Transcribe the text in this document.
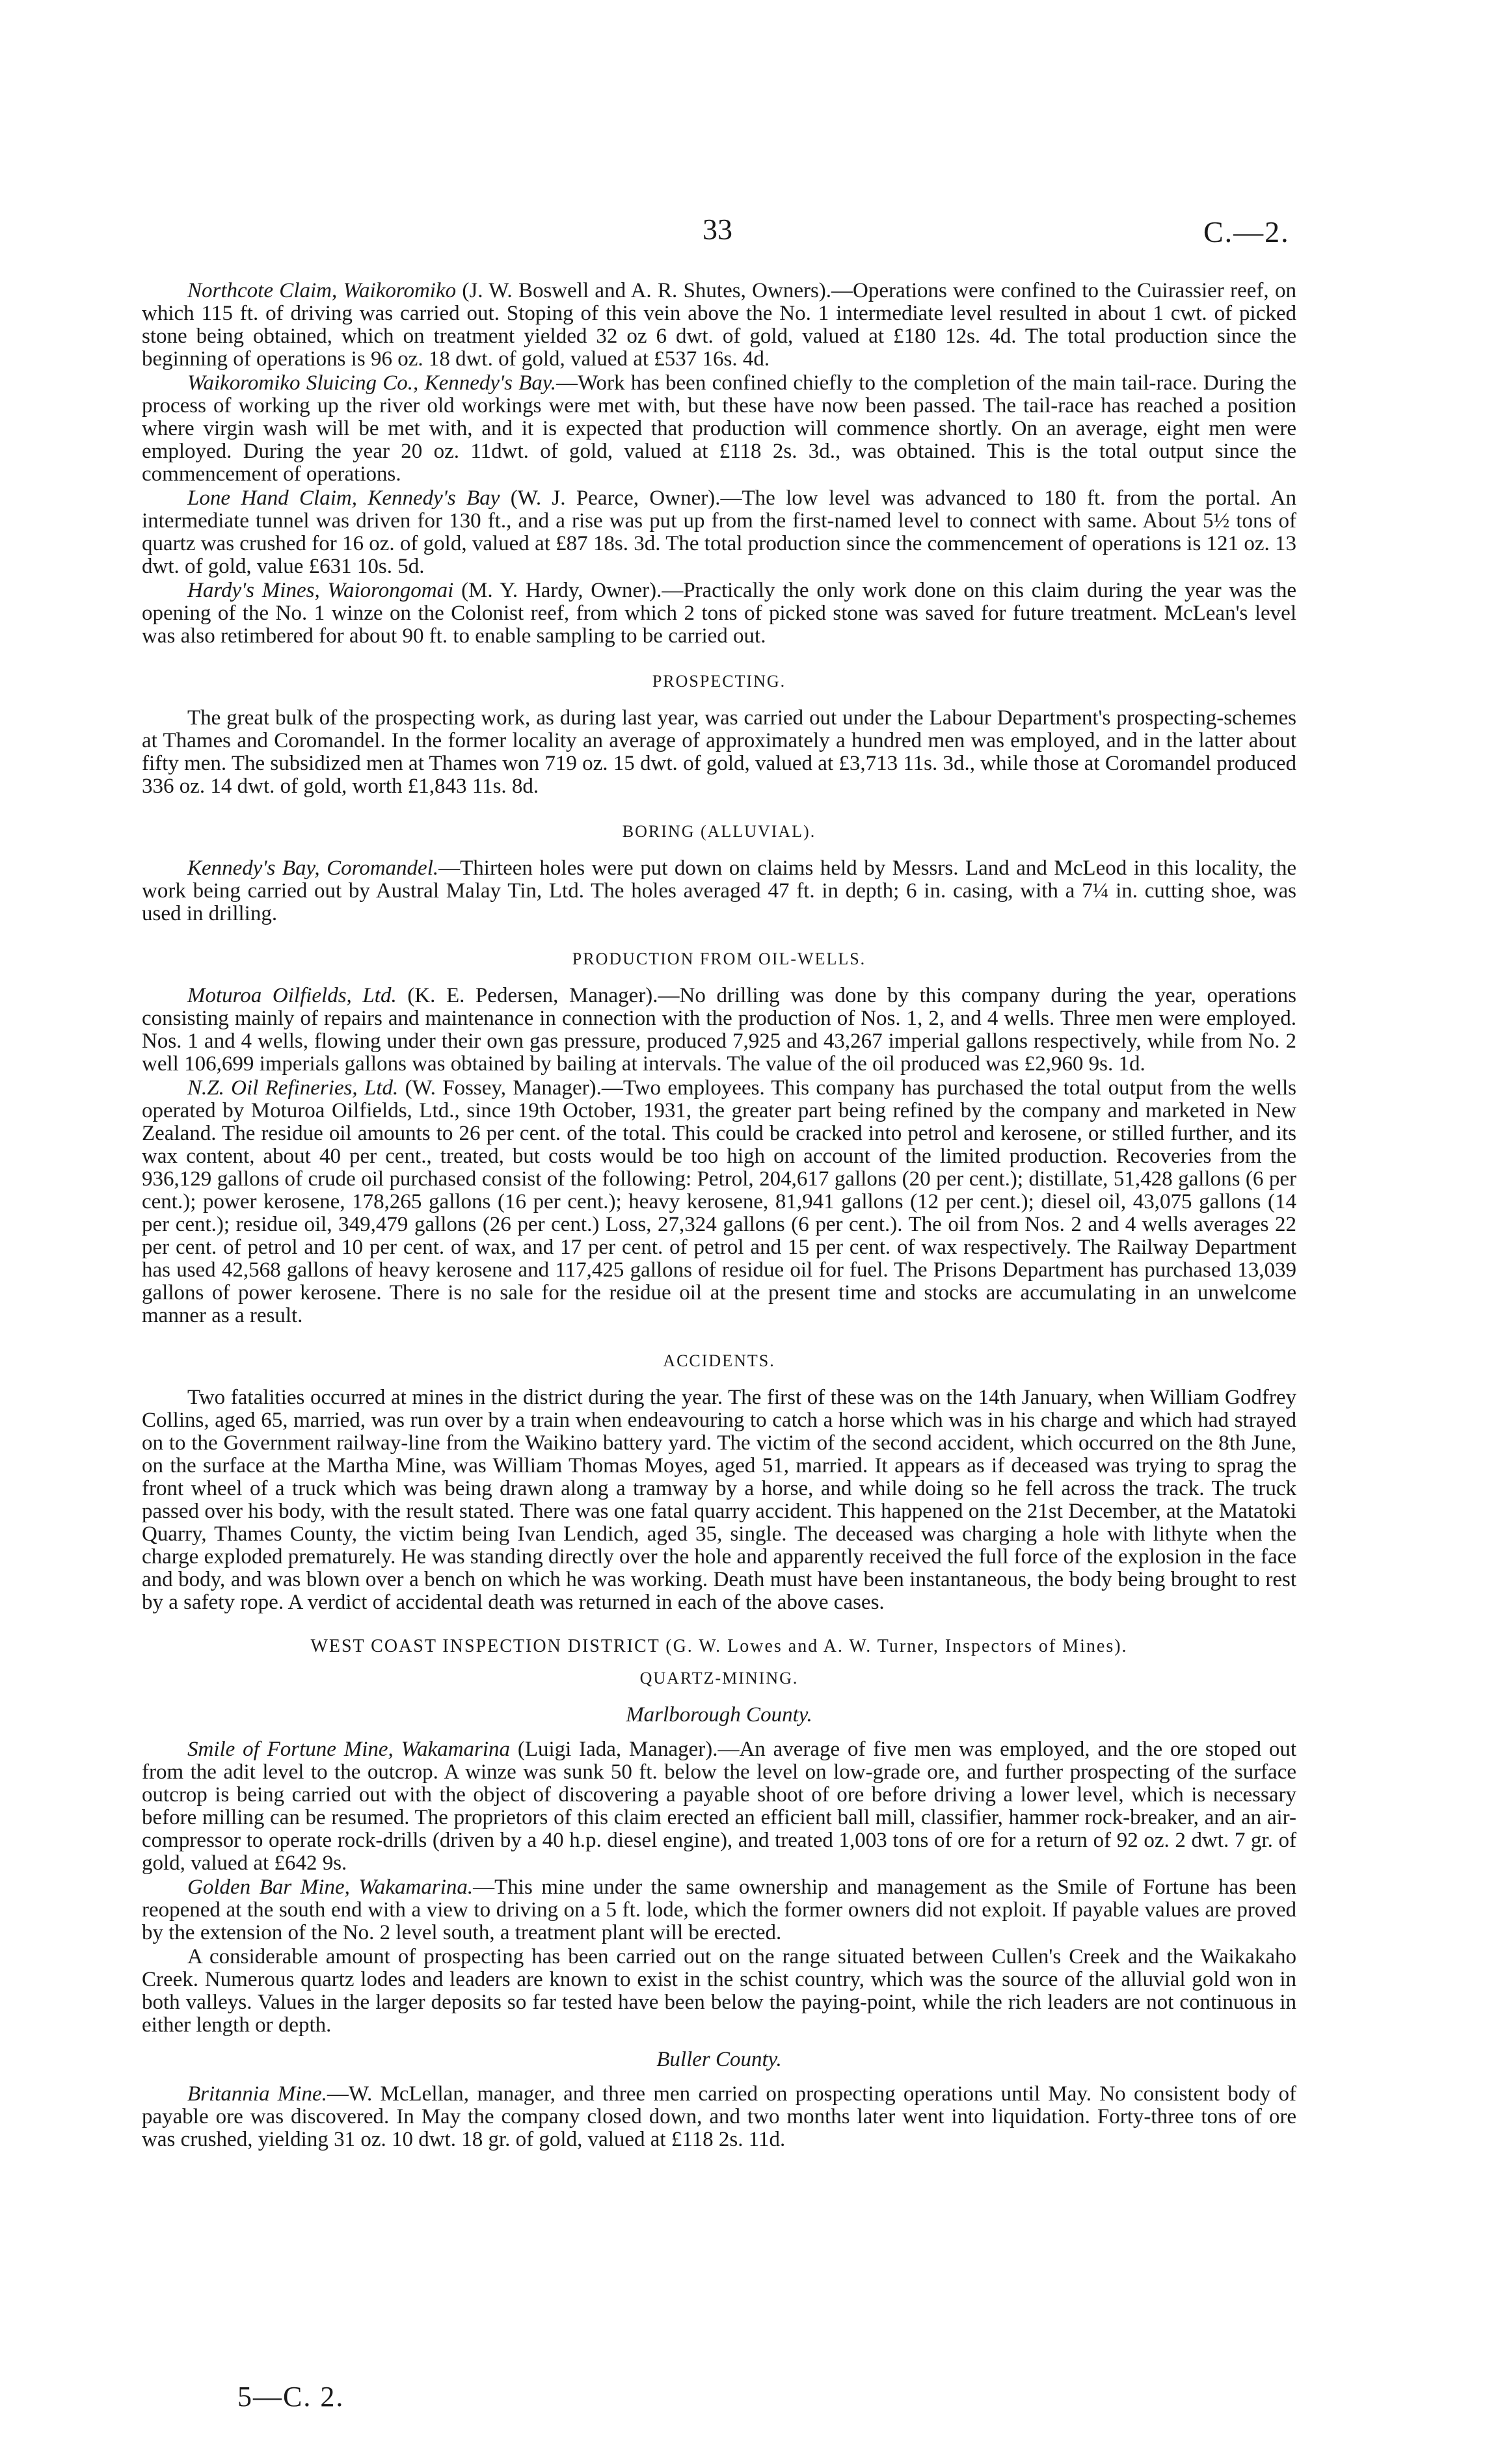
33	C.—2.

Northcote Claim, Waikoromiko (J. W. Boswell and A. R. Shutes, Owners).—Operations were confined to the Cuirassier reef, on which 115 ft. of driving was carried out. Stoping of this vein above the No. 1 intermediate level resulted in about 1 cwt. of picked stone being obtained, which on treatment yielded 32 oz 6 dwt. of gold, valued at £180 12s. 4d. The total production since the beginning of operations is 96 oz. 18 dwt. of gold, valued at £537 16s. 4d.

Waikoromiko Sluicing Co., Kennedy's Bay.—Work has been confined chiefly to the completion of the main tail-race. During the process of working up the river old workings were met with, but these have now been passed. The tail-race has reached a position where virgin wash will be met with, and it is expected that production will commence shortly. On an average, eight men were employed. During the year 20 oz. 11dwt. of gold, valued at £118 2s. 3d., was obtained. This is the total output since the commencement of operations.

Lone Hand Claim, Kennedy's Bay (W. J. Pearce, Owner).—The low level was advanced to 180 ft. from the portal. An intermediate tunnel was driven for 130 ft., and a rise was put up from the first-named level to connect with same. About 5½ tons of quartz was crushed for 16 oz. of gold, valued at £87 18s. 3d. The total production since the commencement of operations is 121 oz. 13 dwt. of gold, value £631 10s. 5d.

Hardy's Mines, Waiorongomai (M. Y. Hardy, Owner).—Practically the only work done on this claim during the year was the opening of the No. 1 winze on the Colonist reef, from which 2 tons of picked stone was saved for future treatment. McLean's level was also retimbered for about 90 ft. to enable sampling to be carried out.

PROSPECTING.

The great bulk of the prospecting work, as during last year, was carried out under the Labour Department's prospecting-schemes at Thames and Coromandel. In the former locality an average of approximately a hundred men was employed, and in the latter about fifty men. The subsidized men at Thames won 719 oz. 15 dwt. of gold, valued at £3,713 11s. 3d., while those at Coromandel produced 336 oz. 14 dwt. of gold, worth £1,843 11s. 8d.

BORING (ALLUVIAL).

Kennedy's Bay, Coromandel.—Thirteen holes were put down on claims held by Messrs. Land and McLeod in this locality, the work being carried out by Austral Malay Tin, Ltd. The holes averaged 47 ft. in depth; 6 in. casing, with a 7¼ in. cutting shoe, was used in drilling.

PRODUCTION FROM OIL-WELLS.

Moturoa Oilfields, Ltd. (K. E. Pedersen, Manager).—No drilling was done by this company during the year, operations consisting mainly of repairs and maintenance in connection with the production of Nos. 1, 2, and 4 wells. Three men were employed. Nos. 1 and 4 wells, flowing under their own gas pressure, produced 7,925 and 43,267 imperial gallons respectively, while from No. 2 well 106,699 imperials gallons was obtained by bailing at intervals. The value of the oil produced was £2,960 9s. 1d.

N.Z. Oil Refineries, Ltd. (W. Fossey, Manager).—Two employees. This company has purchased the total output from the wells operated by Moturoa Oilfields, Ltd., since 19th October, 1931, the greater part being refined by the company and marketed in New Zealand. The residue oil amounts to 26 per cent. of the total. This could be cracked into petrol and kerosene, or stilled further, and its wax content, about 40 per cent., treated, but costs would be too high on account of the limited production. Recoveries from the 936,129 gallons of crude oil purchased consist of the following: Petrol, 204,617 gallons (20 per cent.); distillate, 51,428 gallons (6 per cent.); power kerosene, 178,265 gallons (16 per cent.); heavy kerosene, 81,941 gallons (12 per cent.); diesel oil, 43,075 gallons (14 per cent.); residue oil, 349,479 gallons (26 per cent.) Loss, 27,324 gallons (6 per cent.). The oil from Nos. 2 and 4 wells averages 22 per cent. of petrol and 10 per cent. of wax, and 17 per cent. of petrol and 15 per cent. of wax respectively. The Railway Department has used 42,568 gallons of heavy kerosene and 117,425 gallons of residue oil for fuel. The Prisons Department has purchased 13,039 gallons of power kerosene. There is no sale for the residue oil at the present time and stocks are accumulating in an unwelcome manner as a result.

ACCIDENTS.

Two fatalities occurred at mines in the district during the year. The first of these was on the 14th January, when William Godfrey Collins, aged 65, married, was run over by a train when endeavouring to catch a horse which was in his charge and which had strayed on to the Government railway-line from the Waikino battery yard. The victim of the second accident, which occurred on the 8th June, on the surface at the Martha Mine, was William Thomas Moyes, aged 51, married. It appears as if deceased was trying to sprag the front wheel of a truck which was being drawn along a tramway by a horse, and while doing so he fell across the track. The truck passed over his body, with the result stated. There was one fatal quarry accident. This happened on the 21st December, at the Matatoki Quarry, Thames County, the victim being Ivan Lendich, aged 35, single. The deceased was charging a hole with lithyte when the charge exploded prematurely. He was standing directly over the hole and apparently received the full force of the explosion in the face and body, and was blown over a bench on which he was working. Death must have been instantaneous, the body being brought to rest by a safety rope. A verdict of accidental death was returned in each of the above cases.

WEST COAST INSPECTION DISTRICT (G. W. Lowes and A. W. Turner, Inspectors of Mines).
QUARTZ-MINING.
Marlborough County.

Smile of Fortune Mine, Wakamarina (Luigi Iada, Manager).—An average of five men was employed, and the ore stoped out from the adit level to the outcrop. A winze was sunk 50 ft. below the level on low-grade ore, and further prospecting of the surface outcrop is being carried out with the object of discovering a payable shoot of ore before driving a lower level, which is necessary before milling can be resumed. The proprietors of this claim erected an efficient ball mill, classifier, hammer rock-breaker, and an air-compressor to operate rock-drills (driven by a 40 h.p. diesel engine), and treated 1,003 tons of ore for a return of 92 oz. 2 dwt. 7 gr. of gold, valued at £642 9s.

Golden Bar Mine, Wakamarina.—This mine under the same ownership and management as the Smile of Fortune has been reopened at the south end with a view to driving on a 5 ft. lode, which the former owners did not exploit. If payable values are proved by the extension of the No. 2 level south, a treatment plant will be erected.

A considerable amount of prospecting has been carried out on the range situated between Cullen's Creek and the Waikakaho Creek. Numerous quartz lodes and leaders are known to exist in the schist country, which was the source of the alluvial gold won in both valleys. Values in the larger deposits so far tested have been below the paying-point, while the rich leaders are not continuous in either length or depth.

Buller County.

Britannia Mine.—W. McLellan, manager, and three men carried on prospecting operations until May. No consistent body of payable ore was discovered. In May the company closed down, and two months later went into liquidation. Forty-three tons of ore was crushed, yielding 31 oz. 10 dwt. 18 gr. of gold, valued at £118 2s. 11d.

5—C. 2.
